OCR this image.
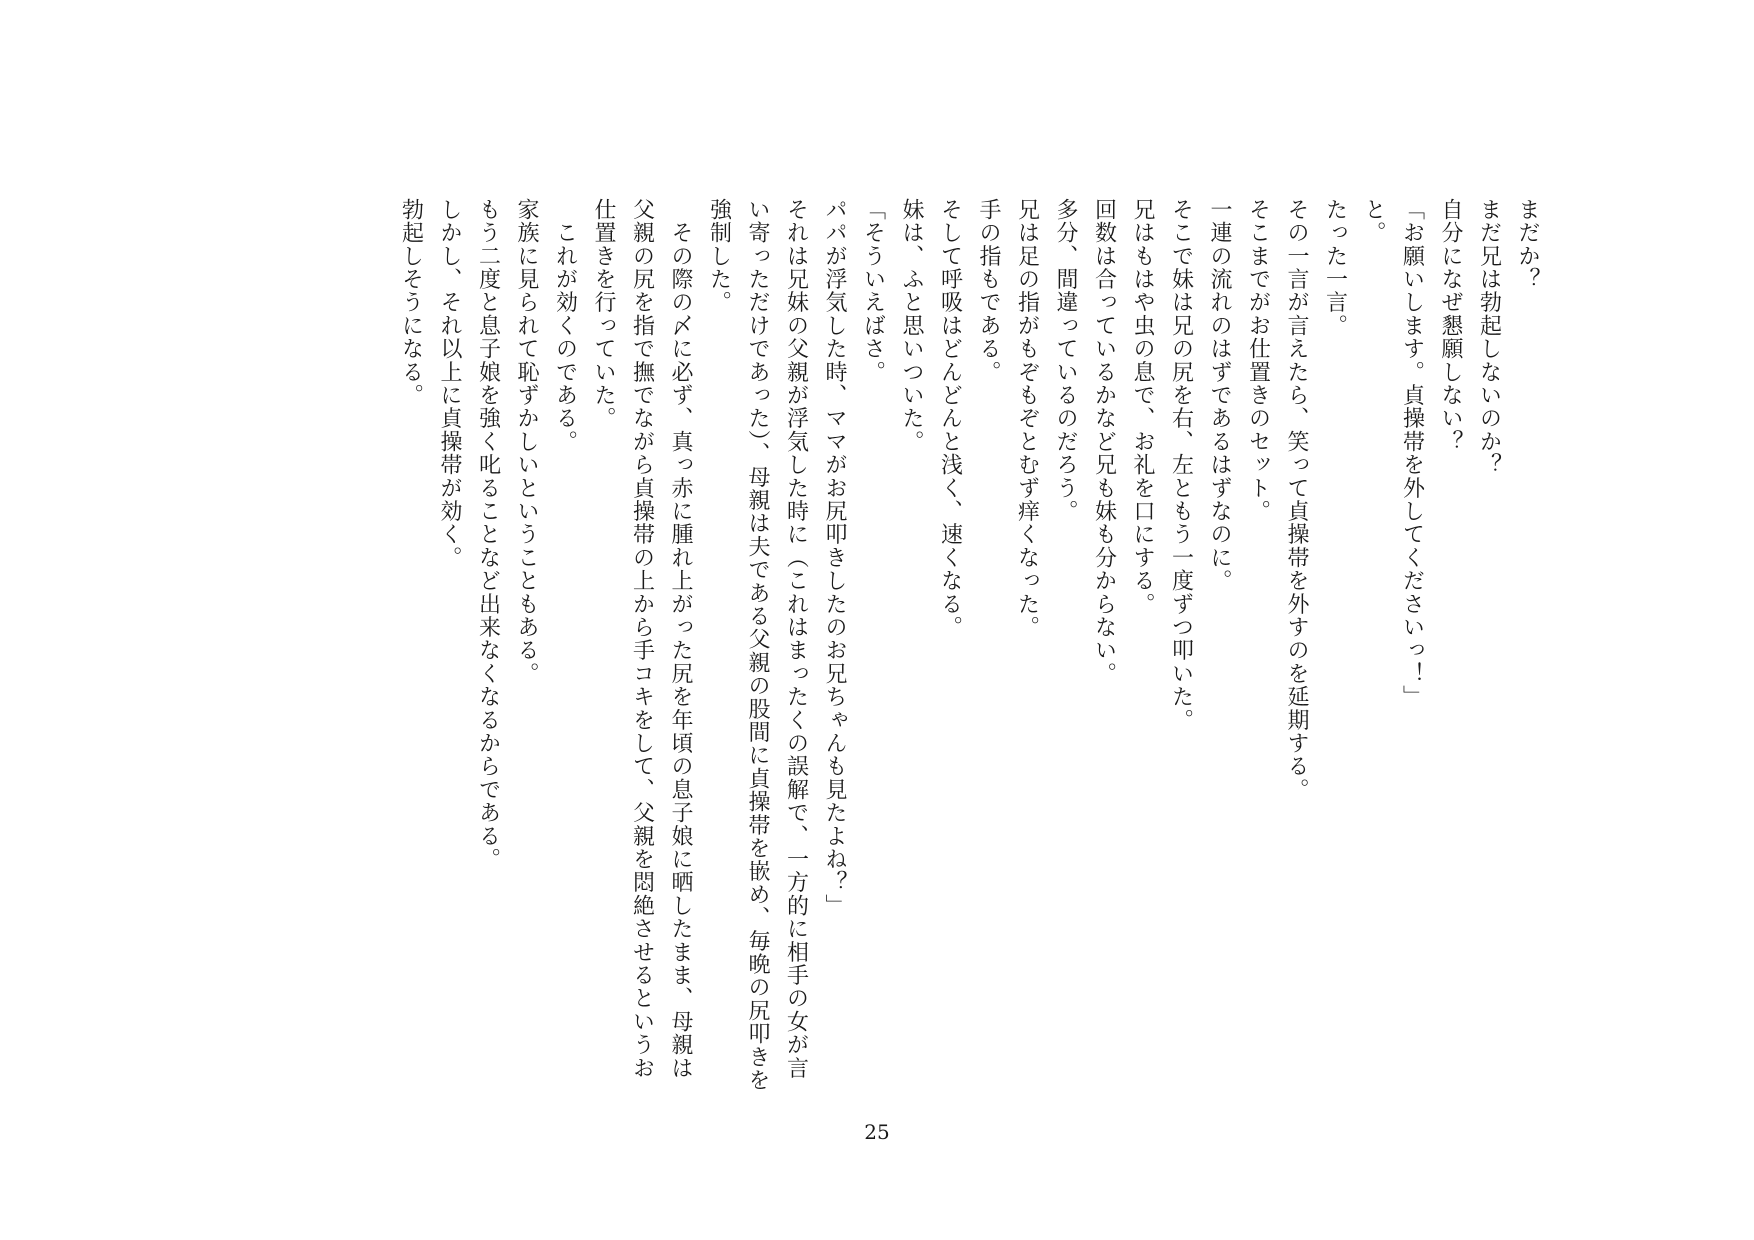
まだか？
まだ兄は勃起しないのか？
自分になぜ懇願しない？
「お願いします。貞操帯を外してくださいっ！」
と。
たった一言。
その一言が言えたら、笑って貞操帯を外すのを延期する。
そこまでがお仕置きのセット。
一連の流れのはずであるはずなのに。
そこで妹は兄の尻を右、左ともう一度ずつ叩いた。
兄はもはや虫の息で、お礼を口にする。
回数は合っているかなど兄も妹も分からない。
多分、間違っているのだろう。
兄は足の指がもぞもぞとむず痒くなった。
手の指もである。
そして呼吸はどんどんと浅く、速くなる。
妹は、ふと思いついた。
「そういえばさ。
パパが浮気した時、ママがお尻叩きしたのお兄ちゃんも見たよね？」
それは兄妹の父親が浮気した時に（これはまったくの誤解で、一方的に相手の女が言い寄っただけであった）、母親は夫である父親の股間に貞操帯を嵌め、毎晩の尻叩きを強制した。
　その際の〆に必ず、真っ赤に腫れ上がった尻を年頃の息子娘に晒したまま、母親は父親の尻を指で撫でながら貞操帯の上から手コキをして、父親を悶絶させるというお仕置きを行っていた。
　これが効くのである。
家族に見られて恥ずかしいということもある。
もう二度と息子娘を強く叱ることなど出来なくなるからである。
しかし、それ以上に貞操帯が効く。
勃起しそうになる。
25
